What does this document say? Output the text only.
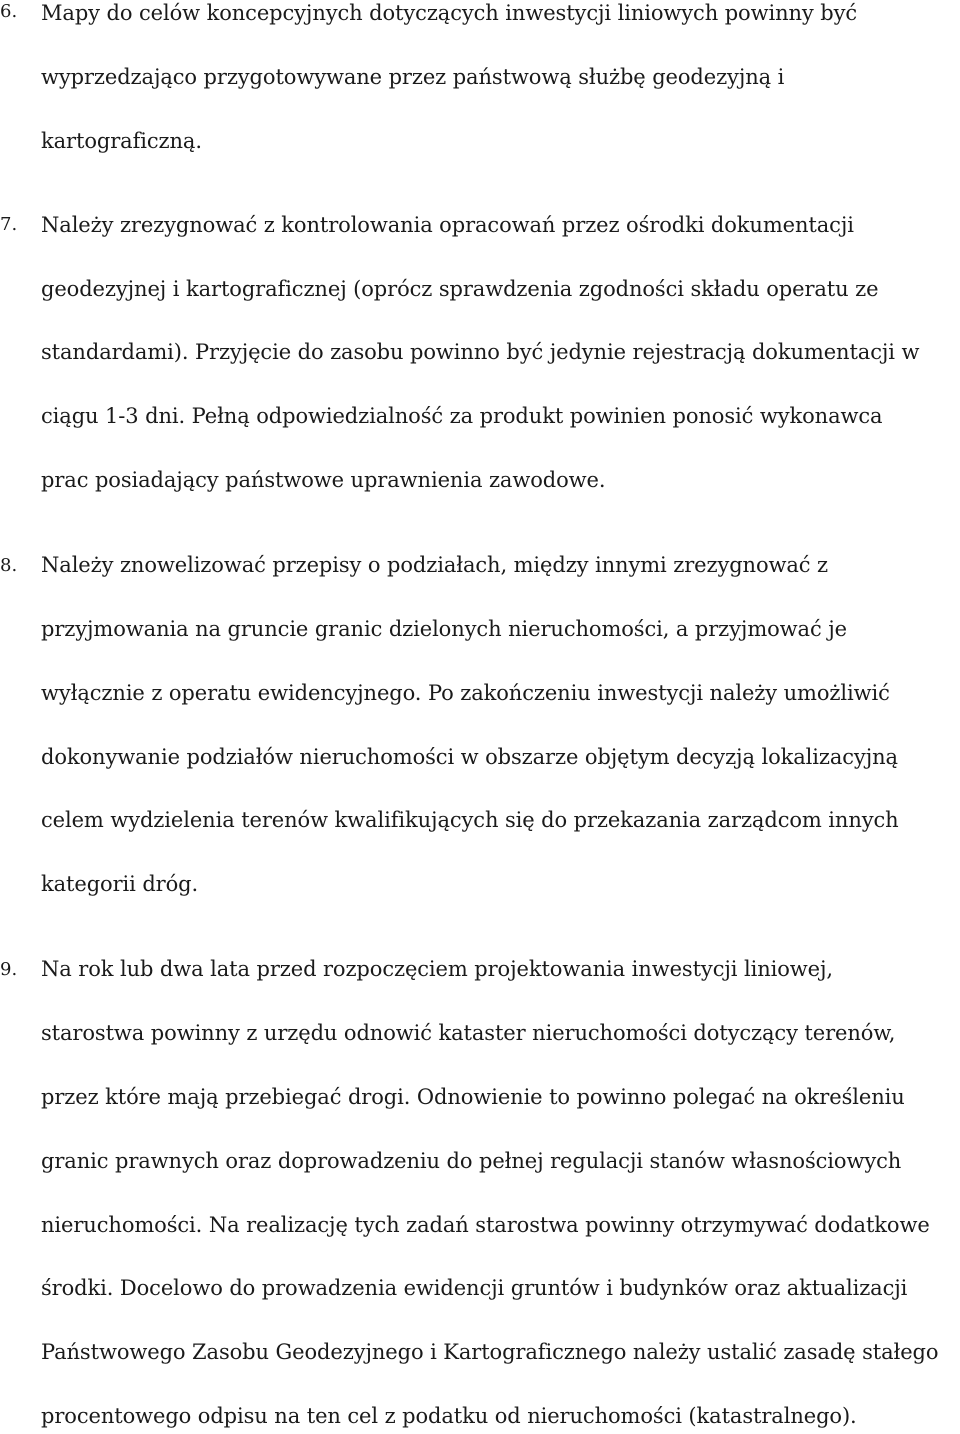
6. Mapy do celów koncepcyjnych dotyczących inwestycji liniowych powinny być
wyprzedzająco przygotowywane przez państwową służbę geodezyjną i
kartograficzną.
7. Należy zrezygnować z kontrolowania opracowań przez ośrodki dokumentacji
geodezyjnej i kartograficznej (oprócz sprawdzenia zgodności składu operatu ze
standardami). Przyjęcie do zasobu powinno być jedynie rejestracją dokumentacji w
ciągu 1-3 dni. Pełną odpowiedzialność za produkt powinien ponosić wykonawca
prac posiadający państwowe uprawnienia zawodowe.
8. Należy znowelizować przepisy o podziałach, między innymi zrezygnować z
przyjmowania na gruncie granic dzielonych nieruchomości, a przyjmować je
wyłącznie z operatu ewidencyjnego. Po zakończeniu inwestycji należy umożliwić
dokonywanie podziałów nieruchomości w obszarze objętym decyzją lokalizacyjną
celem wydzielenia terenów kwalifikujących się do przekazania zarządcom innych
kategorii dróg.
9. Na rok lub dwa lata przed rozpoczęciem projektowania inwestycji liniowej,
starostwa powinny z urzędu odnowić kataster nieruchomości dotyczący terenów,
przez które mają przebiegać drogi. Odnowienie to powinno polegać na określeniu
granic prawnych oraz doprowadzeniu do pełnej regulacji stanów własnościowych
nieruchomości. Na realizację tych zadań starostwa powinny otrzymywać dodatkowe
środki. Docelowo do prowadzenia ewidencji gruntów i budynków oraz aktualizacji
Państwowego Zasobu Geodezyjnego i Kartograficznego należy ustalić zasadę stałego
procentowego odpisu na ten cel z podatku od nieruchomości (katastralnego).
